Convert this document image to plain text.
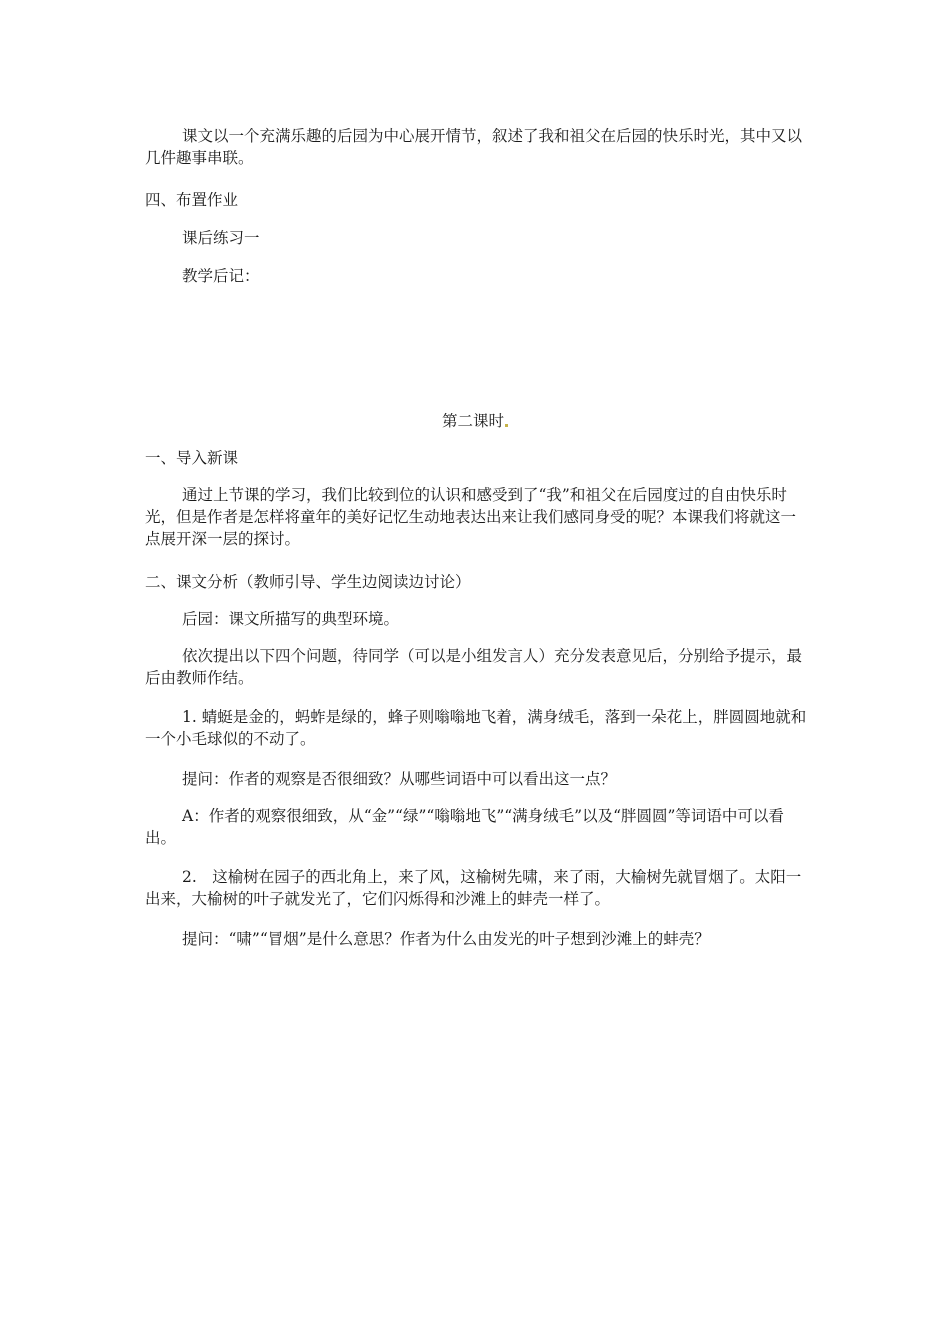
课文以一个充满乐趣的后园为中心展开情节，叙述了我和祖父在后园的快乐时光，其中又以几件趣事串联。

四、布置作业

课后练习一

教学后记：

第二课时

一、导入新课

通过上节课的学习，我们比较到位的认识和感受到了“我”和祖父在后园度过的自由快乐时光，但是作者是怎样将童年的美好记忆生动地表达出来让我们感同身受的呢？本课我们将就这一点展开深一层的探讨。

二、课文分析（教师引导、学生边阅读边讨论）

后园：课文所描写的典型环境。

依次提出以下四个问题，待同学（可以是小组发言人）充分发表意见后，分别给予提示，最后由教师作结。

1. 蜻蜓是金的，蚂蚱是绿的，蜂子则嗡嗡地飞着，满身绒毛，落到一朵花上，胖圆圆地就和一个小毛球似的不动了。

提问：作者的观察是否很细致？从哪些词语中可以看出这一点？

A：作者的观察很细致，从“金”“绿”“嗡嗡地飞”“满身绒毛”以及“胖圆圆”等词语中可以看出。

2.　这榆树在园子的西北角上，来了风，这榆树先啸，来了雨，大榆树先就冒烟了。太阳一出来，大榆树的叶子就发光了，它们闪烁得和沙滩上的蚌壳一样了。

提问：“啸”“冒烟”是什么意思？作者为什么由发光的叶子想到沙滩上的蚌壳？
